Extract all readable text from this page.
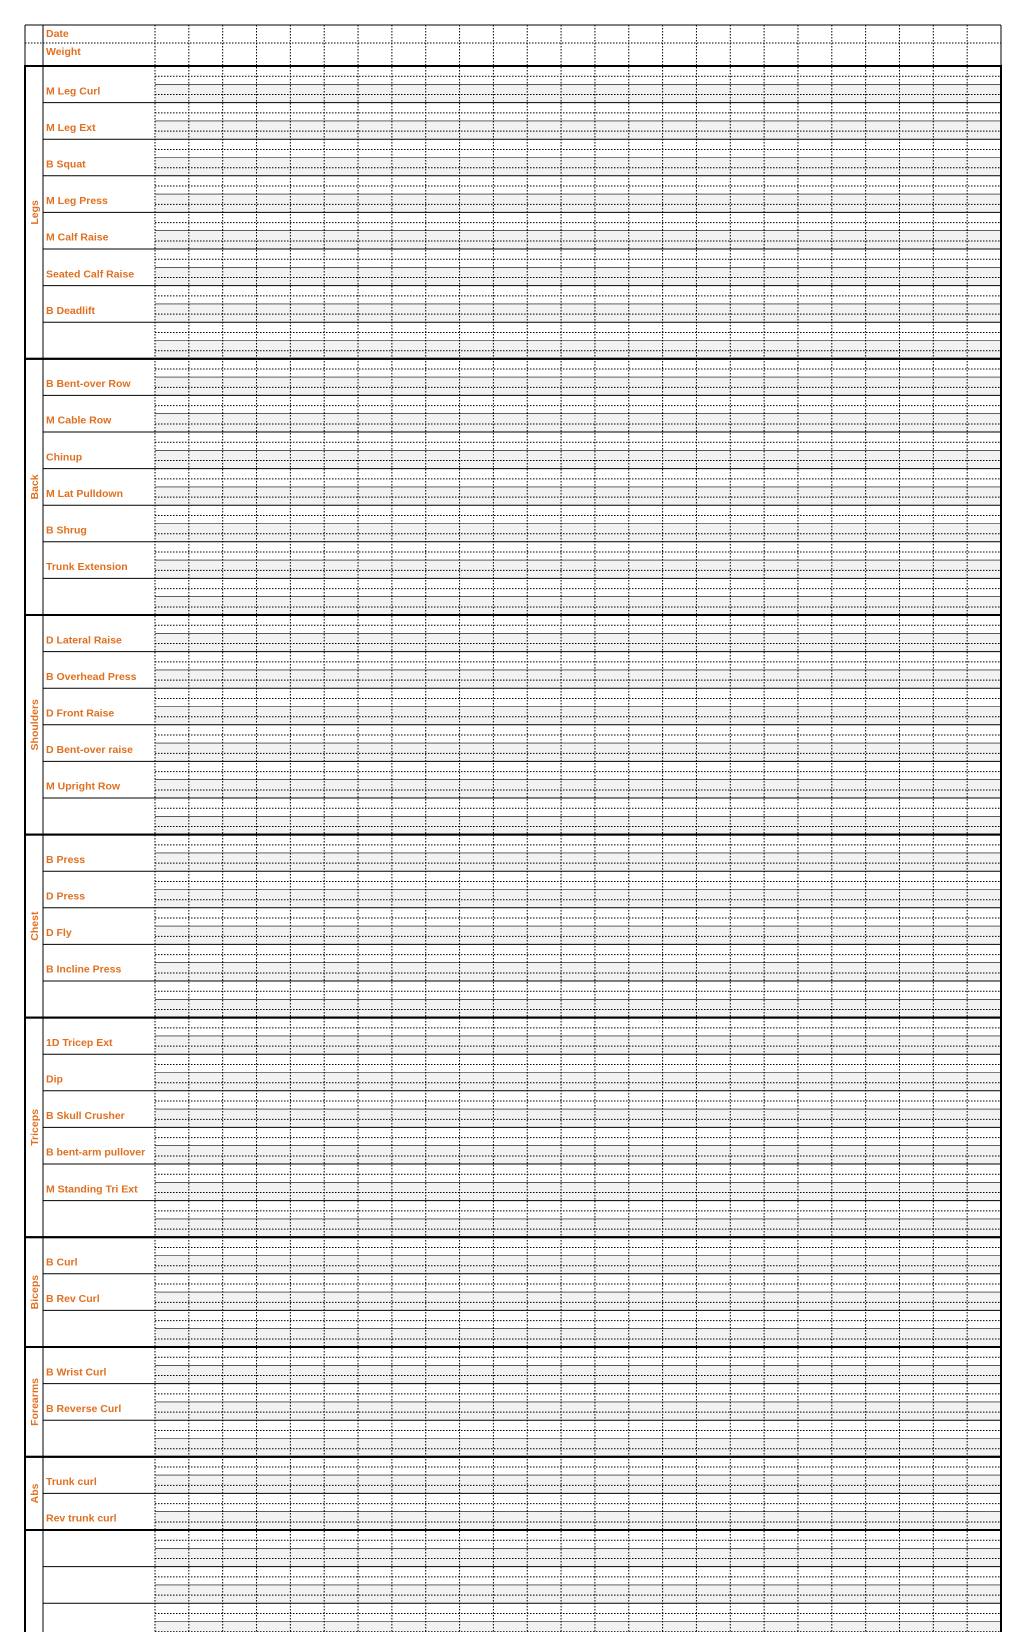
Date
Weight
M Leg Curl
M Leg Ext
B Squat
M Leg Press
M Calf Raise
Seated Calf Raise
B Deadlift
Legs
B Bent-over Row
M Cable Row
Chinup
M Lat Pulldown
B Shrug
Trunk Extension
Back
D Lateral Raise
B Overhead Press
D Front Raise
D Bent-over raise
M Upright Row
Shoulders
B Press
D Press
D Fly
B Incline Press
Chest
1D Tricep Ext
Dip
B Skull Crusher
B bent-arm pullover
M Standing Tri Ext
Triceps
B Curl
B Rev Curl
Biceps
B Wrist Curl
B Reverse Curl
Forearms
Trunk curl
Rev trunk curl
Abs
